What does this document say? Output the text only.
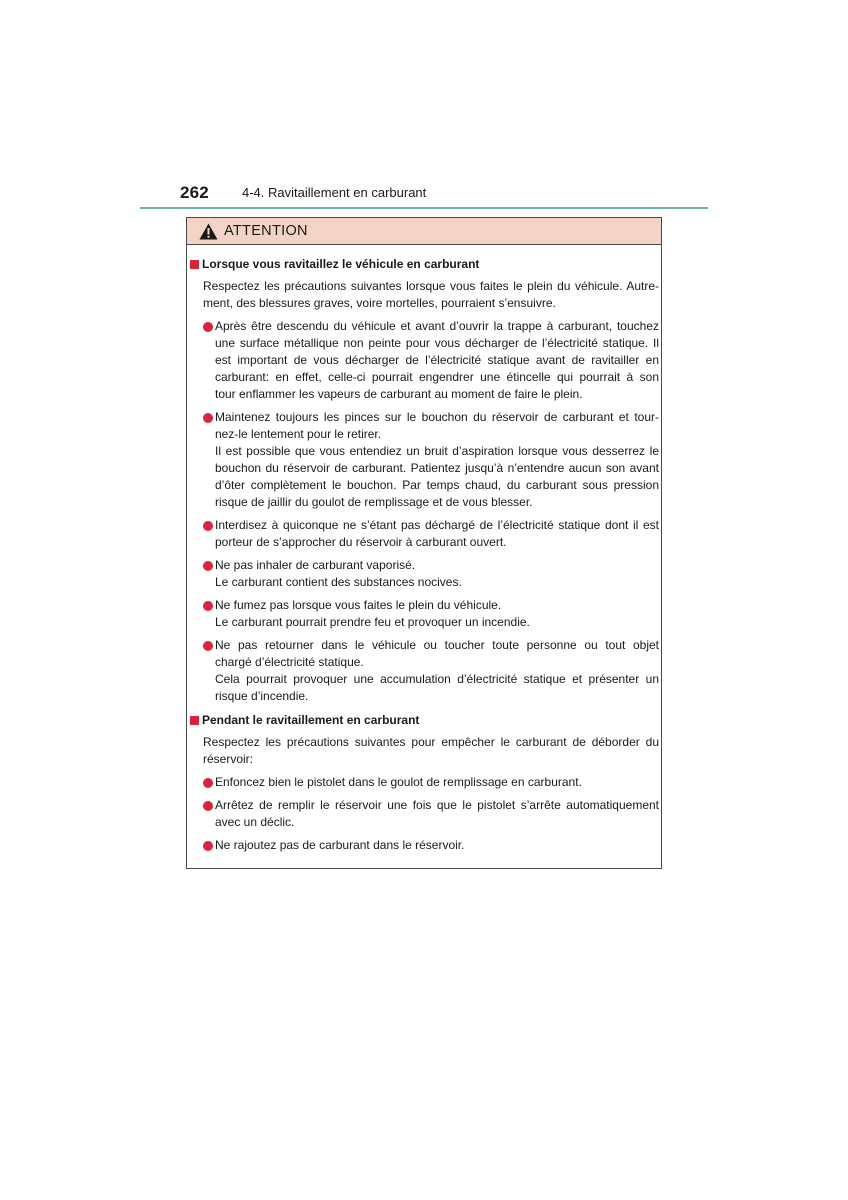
262	4-4. Ravitaillement en carburant
ATTENTION
Lorsque vous ravitaillez le véhicule en carburant
Respectez les précautions suivantes lorsque vous faites le plein du véhicule. Autre-
ment, des blessures graves, voire mortelles, pourraient s’ensuivre.
Après être descendu du véhicule et avant d’ouvrir la trappe à carburant, touchez
une surface métallique non peinte pour vous décharger de l’électricité statique. Il
est important de vous décharger de l’électricité statique avant de ravitailler en
carburant: en effet, celle-ci pourrait engendrer une étincelle qui pourrait à son
tour enflammer les vapeurs de carburant au moment de faire le plein.
Maintenez toujours les pinces sur le bouchon du réservoir de carburant et tour-
nez-le lentement pour le retirer.
Il est possible que vous entendiez un bruit d’aspiration lorsque vous desserrez le
bouchon du réservoir de carburant. Patientez jusqu’à n’entendre aucun son avant
d’ôter complètement le bouchon. Par temps chaud, du carburant sous pression
risque de jaillir du goulot de remplissage et de vous blesser.
Interdisez à quiconque ne s’étant pas déchargé de l’électricité statique dont il est
porteur de s’approcher du réservoir à carburant ouvert.
Ne pas inhaler de carburant vaporisé.
Le carburant contient des substances nocives.
Ne fumez pas lorsque vous faites le plein du véhicule.
Le carburant pourrait prendre feu et provoquer un incendie.
Ne pas retourner dans le véhicule ou toucher toute personne ou tout objet
chargé d’électricité statique.
Cela pourrait provoquer une accumulation d’électricité statique et présenter un
risque d’incendie.
Pendant le ravitaillement en carburant
Respectez les précautions suivantes pour empêcher le carburant de déborder du
réservoir:
Enfoncez bien le pistolet dans le goulot de remplissage en carburant.
Arrêtez de remplir le réservoir une fois que le pistolet s’arrête automatiquement
avec un déclic.
Ne rajoutez pas de carburant dans le réservoir.
